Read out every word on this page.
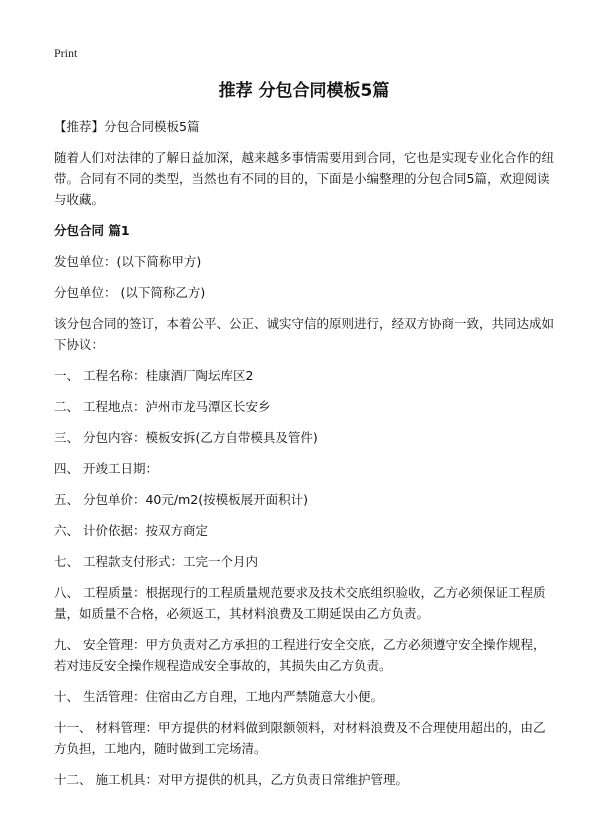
Print
推荐 分包合同模板5篇
【推荐】分包合同模板5篇
随着人们对法律的了解日益加深，越来越多事情需要用到合同，它也是实现专业化合作的纽带。合同有不同的类型，当然也有不同的目的，下面是小编整理的分包合同5篇，欢迎阅读与收藏。
分包合同 篇1
发包单位：(以下简称甲方)
分包单位： (以下简称乙方)
该分包合同的签订，本着公平、公正、诚实守信的原则进行，经双方协商一致，共同达成如下协议：
一、 工程名称：桂康酒厂陶坛库区2
二、 工程地点：泸州市龙马潭区长安乡
三、 分包内容：模板安拆(乙方自带模具及管件)
四、 开竣工日期：
五、 分包单价：40元/m2(按模板展开面积计)
六、 计价依据：按双方商定
七、 工程款支付形式：工完一个月内
八、 工程质量：根据现行的工程质量规范要求及技术交底组织验收，乙方必须保证工程质量，如质量不合格，必须返工，其材料浪费及工期延误由乙方负责。
九、 安全管理：甲方负责对乙方承担的工程进行安全交底，乙方必须遵守安全操作规程，若对违反安全操作规程造成安全事故的，其损失由乙方负责。
十、 生活管理：住宿由乙方自理，工地内严禁随意大小便。
十一、 材料管理：甲方提供的材料做到限额领料，对材料浪费及不合理使用超出的，由乙方负担，工地内，随时做到工完场清。
十二、 施工机具：对甲方提供的机具，乙方负责日常维护管理。
